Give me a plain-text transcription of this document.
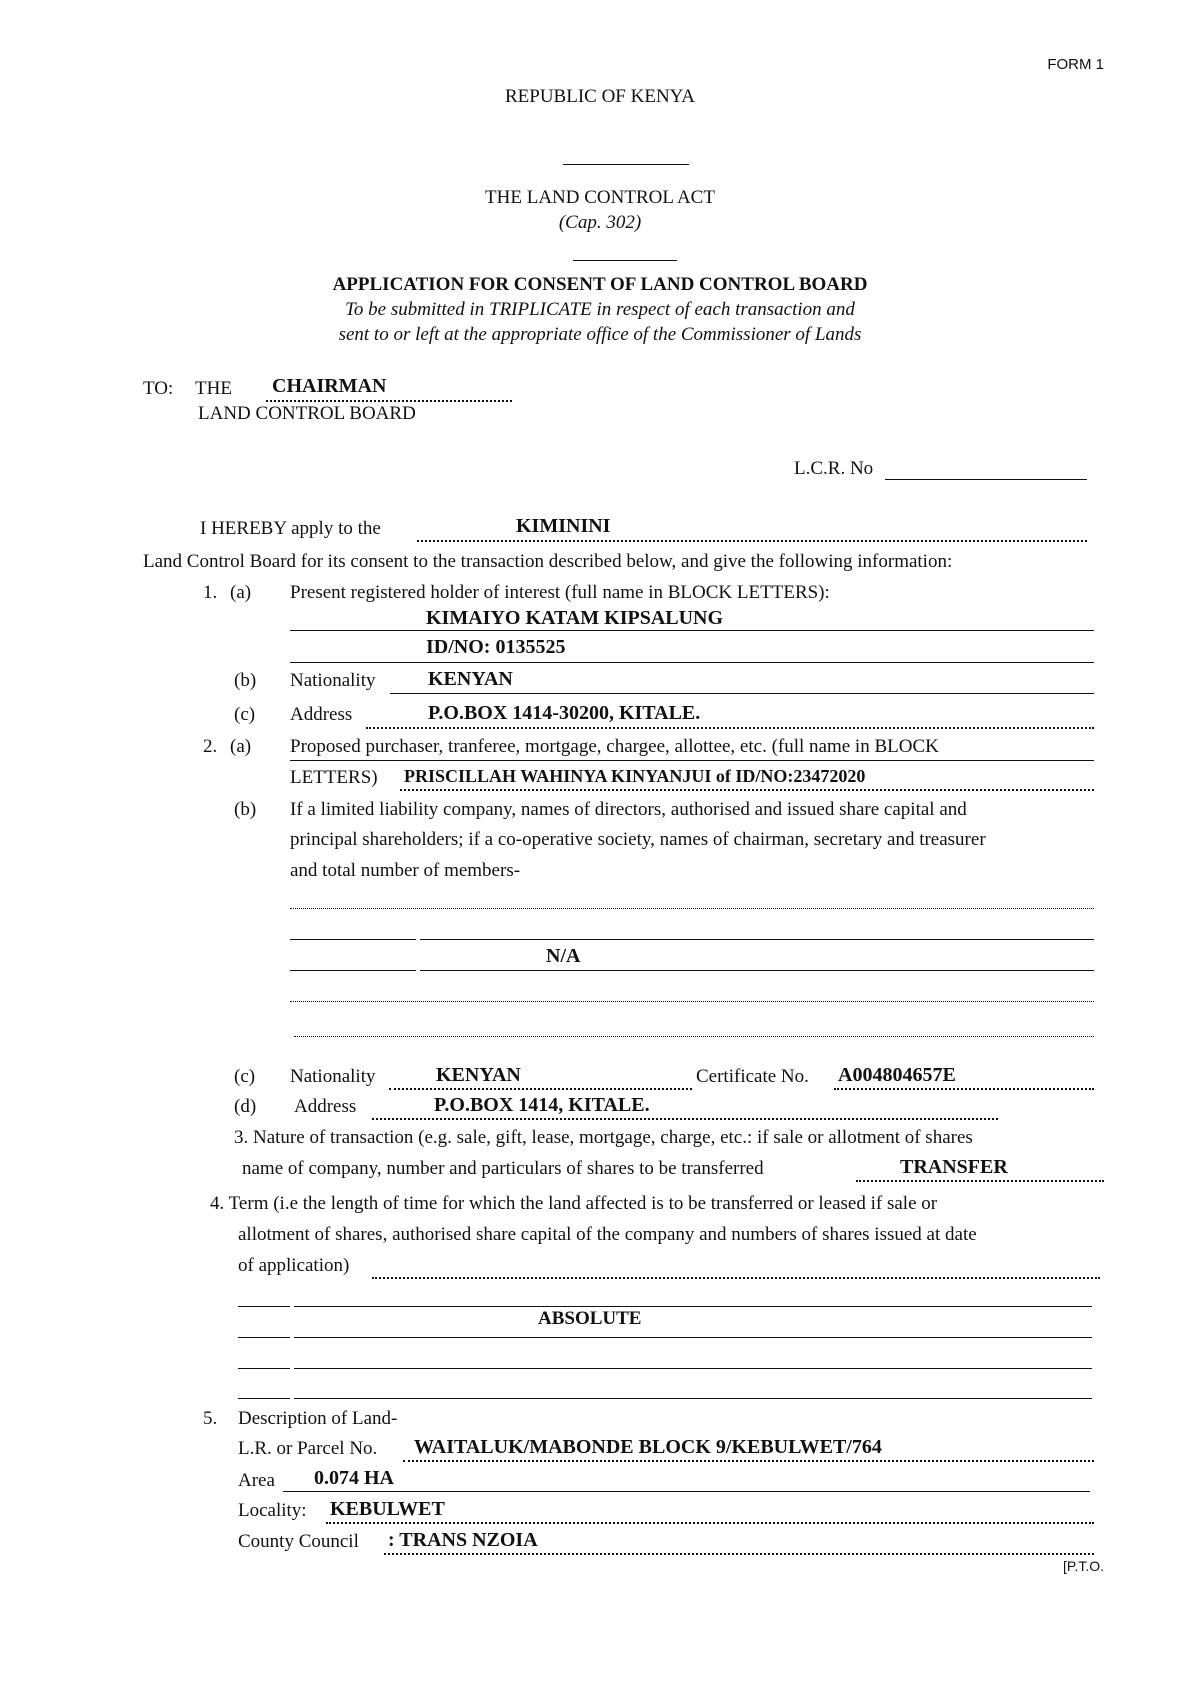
FORM 1
REPUBLIC OF KENYA
THE LAND CONTROL ACT
(Cap. 302)
APPLICATION FOR CONSENT OF LAND CONTROL BOARD
To be submitted in TRIPLICATE in respect of each transaction and
sent to or left at the appropriate office of the Commissioner of Lands
TO: THE CHAIRMAN
LAND CONTROL BOARD
L.C.R. No
I HEREBY apply to the	KIMININI
Land Control Board for its consent to the transaction described below, and give the following information:
1. (a) Present registered holder of interest (full name in BLOCK LETTERS):
KIMAIYO KATAM KIPSALUNG
ID/NO: 0135525
(b) Nationality	KENYAN
(c) Address	P.O.BOX 1414-30200, KITALE.
2. (a) Proposed purchaser, tranferee, mortgage, chargee, allottee, etc. (full name in BLOCK
LETTERS) PRISCILLAH WAHINYA KINYANJUI of ID/NO:23472020
(b) If a limited liability company, names of directors, authorised and issued share capital and
principal shareholders; if a co-operative society, names of chairman, secretary and treasurer
and total number of members-
N/A
(c) Nationality	KENYAN	Certificate No. A004804657E
(d) Address	P.O.BOX 1414, KITALE.
3. Nature of transaction (e.g. sale, gift, lease, mortgage, charge, etc.: if sale or allotment of shares
name of company, number and particulars of shares to be transferred	TRANSFER
4. Term (i.e the length of time for which the land affected is to be transferred or leased if sale or
allotment of shares, authorised share capital of the company and numbers of shares issued at date
of application)
ABSOLUTE
5. Description of Land-
L.R. or Parcel No. WAITALUK/MABONDE BLOCK 9/KEBULWET/764
Area 0.074 HA
Locality: KEBULWET
County Council : TRANS NZOIA
[P.T.O.
